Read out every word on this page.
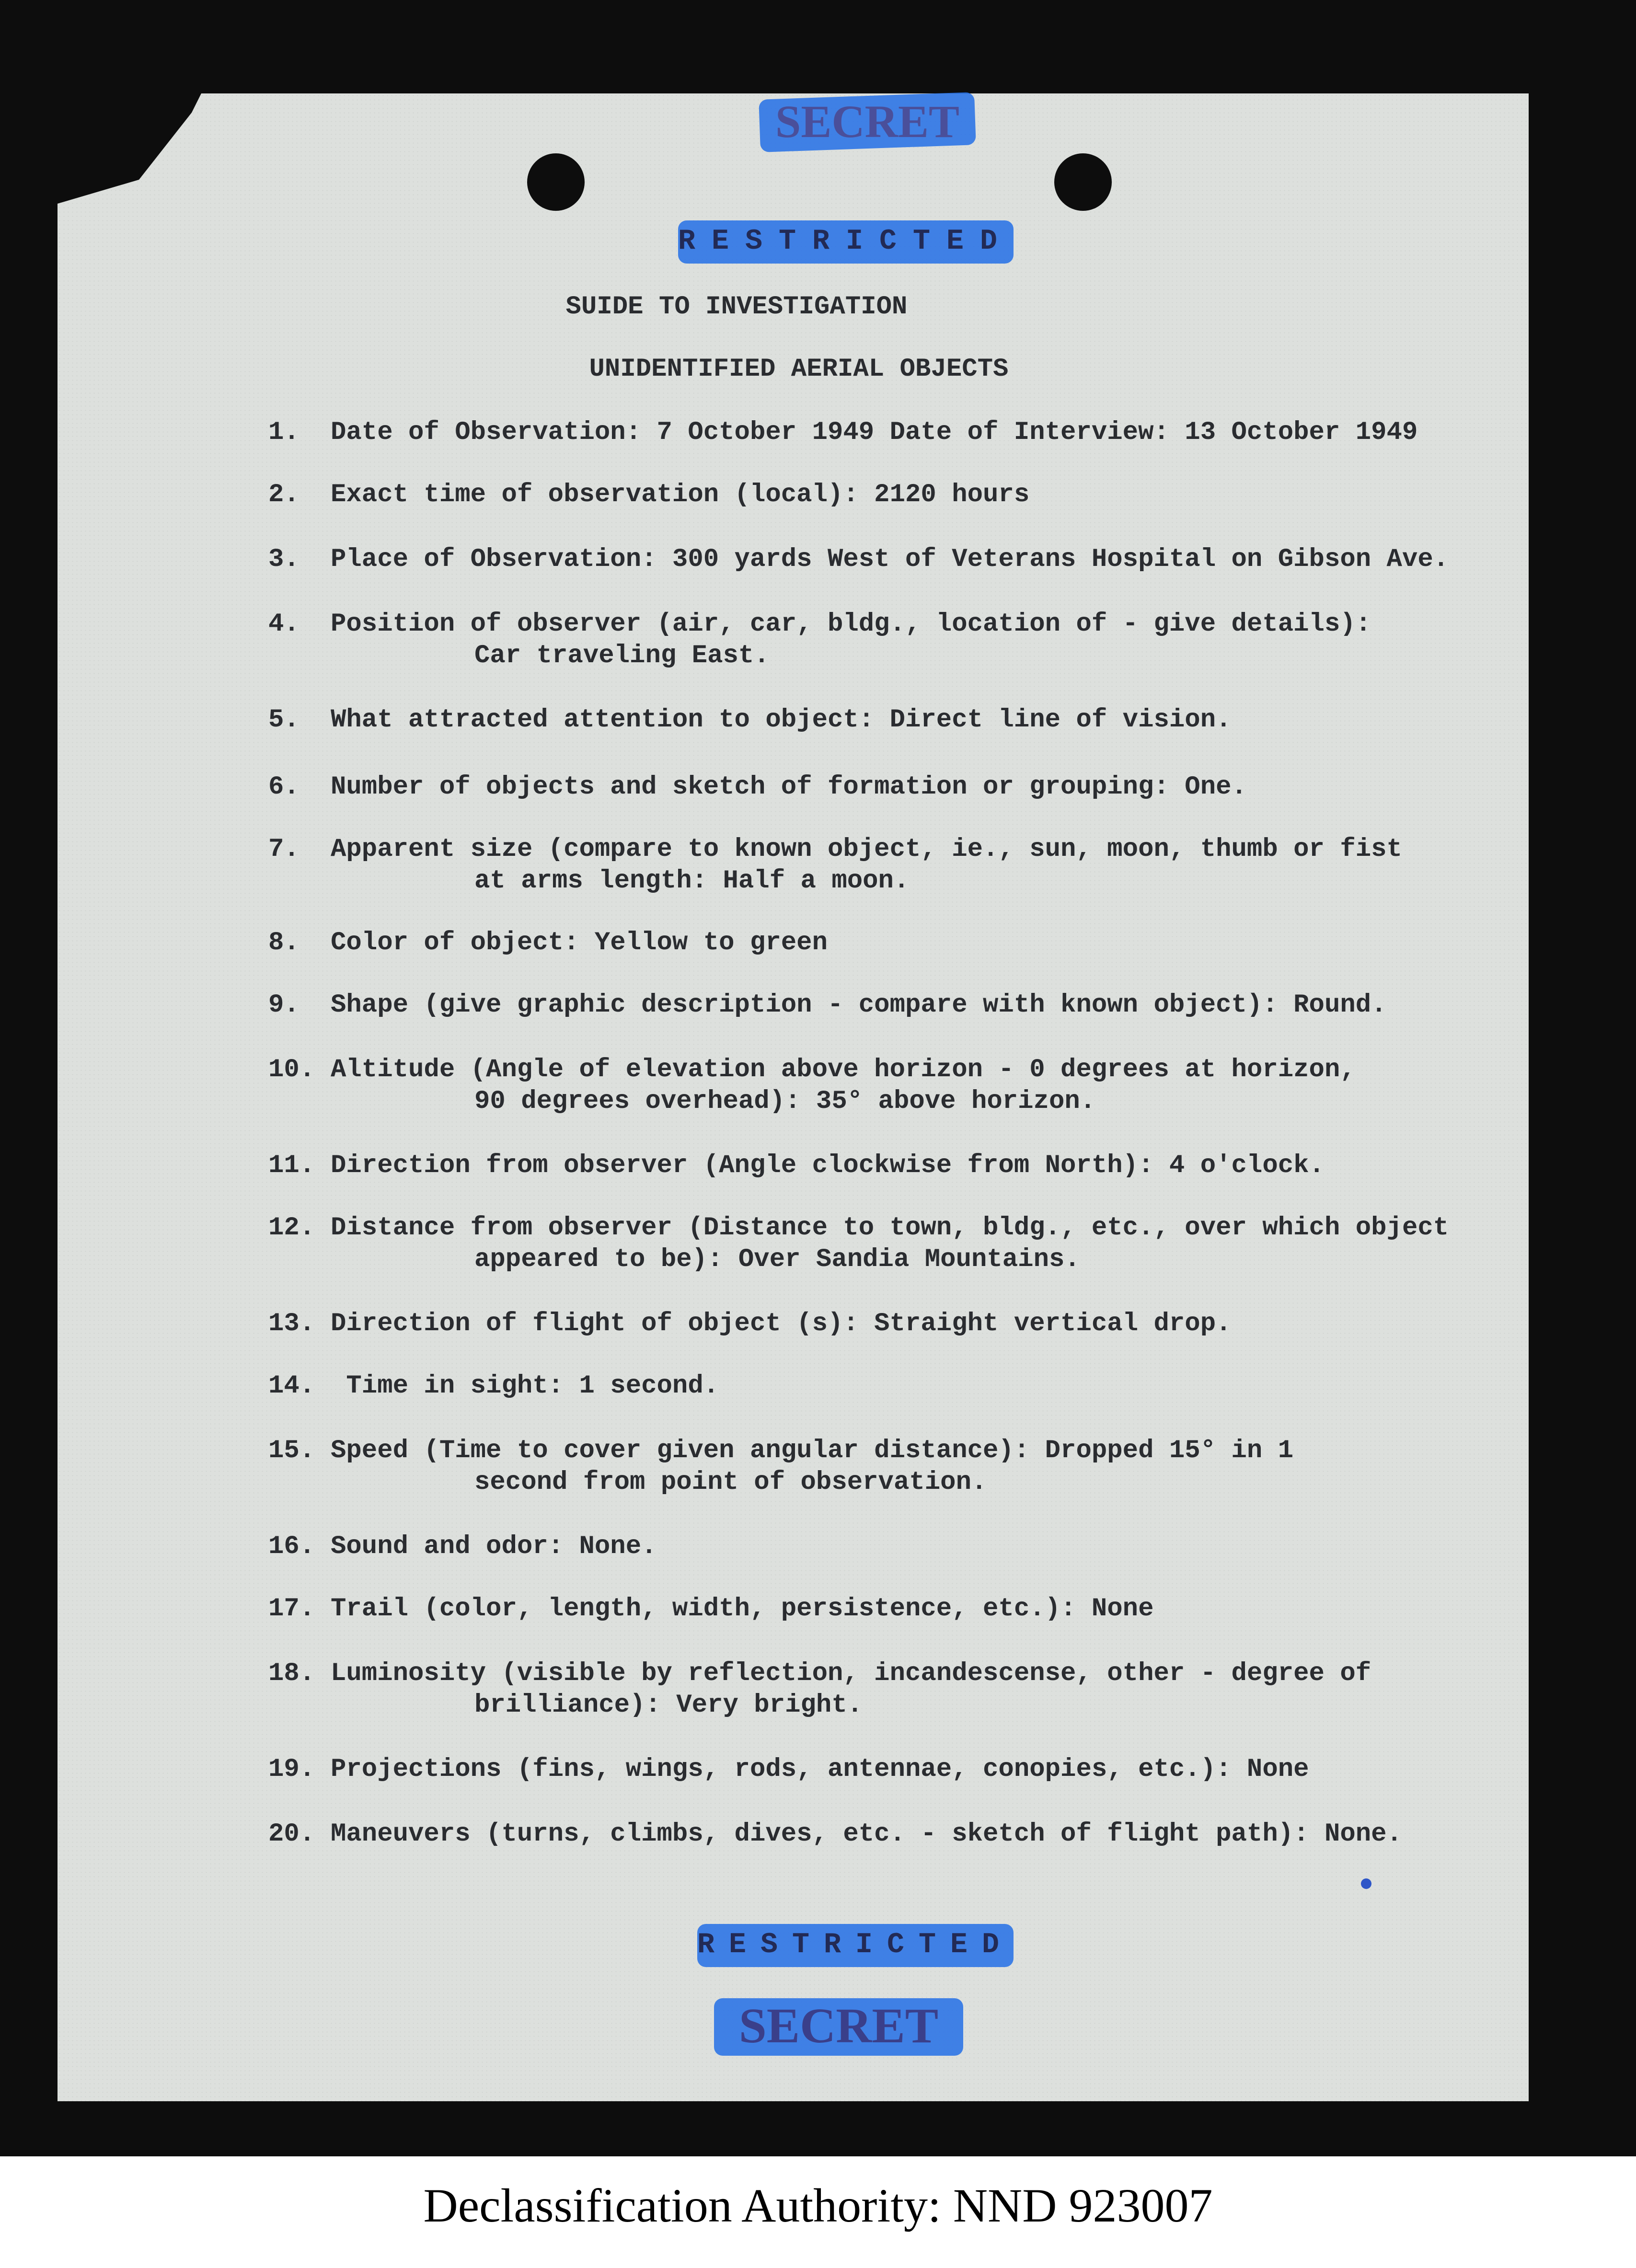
SECRET
RESTRICTED
SUIDE TO INVESTIGATION
UNIDENTIFIED AERIAL OBJECTS
1. Date of Observation: 7 October 1949 Date of Interview: 13 October 1949
2. Exact time of observation (local): 2120 hours
3. Place of Observation: 300 yards West of Veterans Hospital on Gibson Ave.
4. Position of observer (air, car, bldg., location of - give details):
Car traveling East.
5. What attracted attention to object: Direct line of vision.
6. Number of objects and sketch of formation or grouping: One.
7. Apparent size (compare to known object, ie., sun, moon, thumb or fist
at arms length: Half a moon.
8. Color of object: Yellow to green
9. Shape (give graphic description - compare with known object): Round.
10. Altitude (Angle of elevation above horizon - 0 degrees at horizon,
90 degrees overhead): 35° above horizon.
11. Direction from observer (Angle clockwise from North): 4 o'clock.
12. Distance from observer (Distance to town, bldg., etc., over which object
appeared to be): Over Sandia Mountains.
13. Direction of flight of object (s): Straight vertical drop.
14. Time in sight: 1 second.
15. Speed (Time to cover given angular distance): Dropped 15° in 1
second from point of observation.
16. Sound and odor: None.
17. Trail (color, length, width, persistence, etc.): None
18. Luminosity (visible by reflection, incandescense, other - degree of
brilliance): Very bright.
19. Projections (fins, wings, rods, antennae, conopies, etc.): None
20. Maneuvers (turns, climbs, dives, etc. - sketch of flight path): None.
RESTRICTED
SECRET
Declassification Authority: NND 923007
